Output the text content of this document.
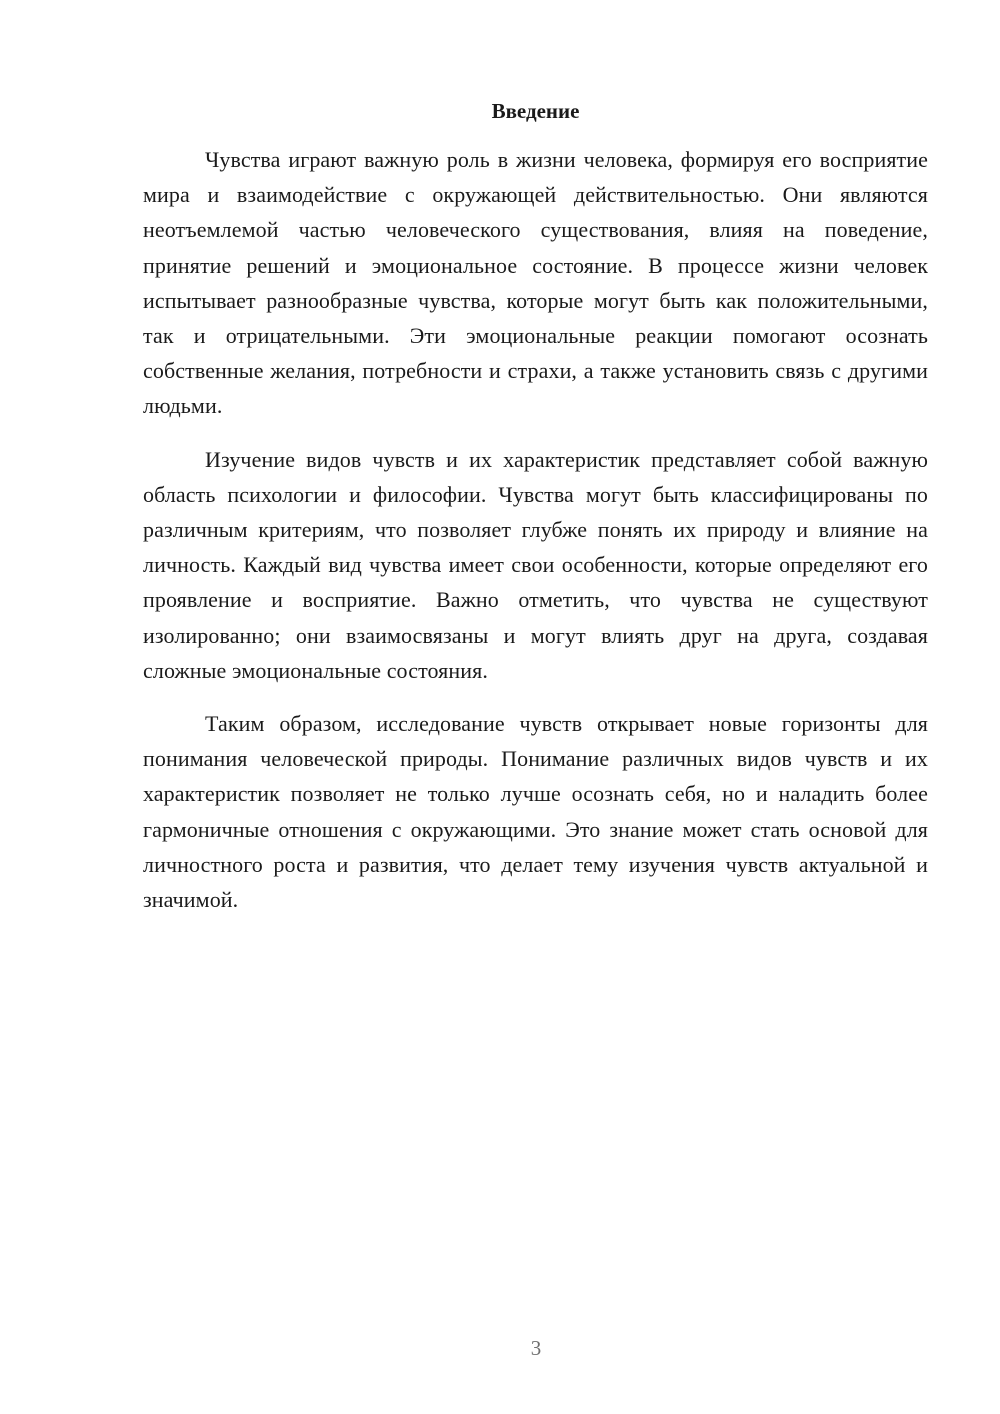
Введение

Чувства играют важную роль в жизни человека, формируя его восприятие мира и взаимодействие с окружающей действительностью. Они являются неотъемлемой частью человеческого существования, влияя на поведение, принятие решений и эмоциональное состояние. В процессе жизни человек испытывает разнообразные чувства, которые могут быть как положительными, так и отрицательными. Эти эмоциональные реакции помогают осознать собственные желания, потребности и страхи, а также установить связь с другими людьми.

Изучение видов чувств и их характеристик представляет собой важную область психологии и философии. Чувства могут быть классифицированы по различным критериям, что позволяет глубже понять их природу и влияние на личность. Каждый вид чувства имеет свои особенности, которые определяют его проявление и восприятие. Важно отметить, что чувства не существуют изолированно; они взаимосвязаны и могут влиять друг на друга, создавая сложные эмоциональные состояния.

Таким образом, исследование чувств открывает новые горизонты для понимания человеческой природы. Понимание различных видов чувств и их характеристик позволяет не только лучше осознать себя, но и наладить более гармоничные отношения с окружающими. Это знание может стать основой для личностного роста и развития, что делает тему изучения чувств актуальной и значимой.

3
